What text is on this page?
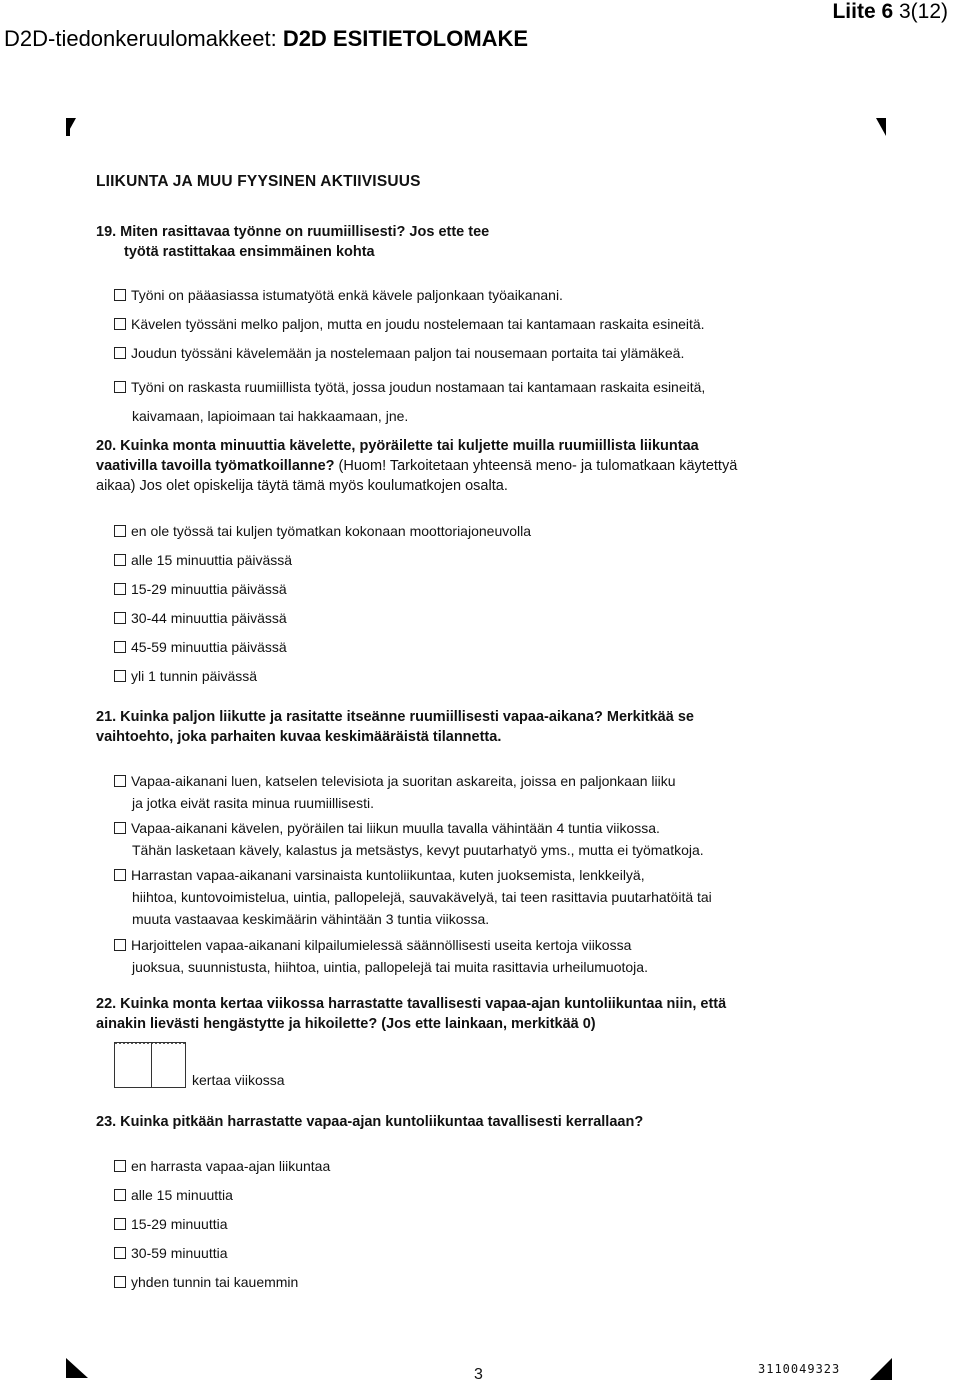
D2D-tiedonkeruulomakkeet: D2D ESITIETOLOMAKE
Liite 6 3(12)
LIIKUNTA JA MUU FYYSINEN AKTIIVISUUS
19. Miten rasittavaa työnne on ruumiillisesti? Jos ette tee
työtä rastittakaa ensimmäinen kohta
Työni on pääasiassa istumatyötä enkä kävele paljonkaan työaikanani.
Kävelen työssäni melko paljon, mutta en joudu nostelemaan tai kantamaan raskaita esineitä.
Joudun työssäni kävelemään ja nostelemaan paljon tai nousemaan portaita tai ylämäkeä.
Työni on raskasta ruumiillista työtä, jossa joudun nostamaan tai kantamaan raskaita esineitä,
kaivamaan, lapioimaan tai hakkaamaan, jne.
20. Kuinka monta minuuttia kävelette, pyöräilette tai kuljette muilla ruumiillista liikuntaa
vaativilla tavoilla työmatkoillanne? (Huom! Tarkoitetaan yhteensä meno- ja tulomatkaan käytettyä
aikaa) Jos olet opiskelija täytä tämä myös koulumatkojen osalta.
en ole työssä tai kuljen työmatkan kokonaan moottoriajoneuvolla
alle 15 minuuttia päivässä
15-29 minuuttia päivässä
30-44 minuuttia päivässä
45-59 minuuttia päivässä
yli 1 tunnin päivässä
21. Kuinka paljon liikutte ja rasitatte itseänne ruumiillisesti vapaa-aikana? Merkitkää se
vaihtoehto, joka parhaiten kuvaa keskimääräistä tilannetta.
Vapaa-aikanani luen, katselen televisiota ja suoritan askareita, joissa en paljonkaan liiku
ja jotka eivät rasita minua ruumiillisesti.
Vapaa-aikanani kävelen, pyöräilen tai liikun muulla tavalla vähintään 4 tuntia viikossa.
Tähän lasketaan kävely, kalastus ja metsästys, kevyt puutarhatyö yms., mutta ei työmatkoja.
Harrastan vapaa-aikanani varsinaista kuntoliikuntaa, kuten juoksemista, lenkkeilyä,
hiihtoa, kuntovoimistelua, uintia, pallopelejä, sauvakävelyä, tai teen rasittavia puutarhatöitä tai
muuta vastaavaa keskimäärin vähintään 3 tuntia viikossa.
Harjoittelen vapaa-aikanani kilpailumielessä säännöllisesti useita kertoja viikossa
juoksua, suunnistusta, hiihtoa, uintia, pallopelejä tai muita rasittavia urheilumuotoja.
22. Kuinka monta kertaa viikossa harrastatte tavallisesti vapaa-ajan kuntoliikuntaa niin, että
ainakin lievästi hengästytte ja hikoilette? (Jos ette lainkaan, merkitkää 0)
kertaa viikossa
23. Kuinka pitkään harrastatte vapaa-ajan kuntoliikuntaa tavallisesti kerrallaan?
en harrasta vapaa-ajan liikuntaa
alle 15 minuuttia
15-29 minuuttia
30-59 minuuttia
yhden tunnin tai kauemmin
3	3110049323
